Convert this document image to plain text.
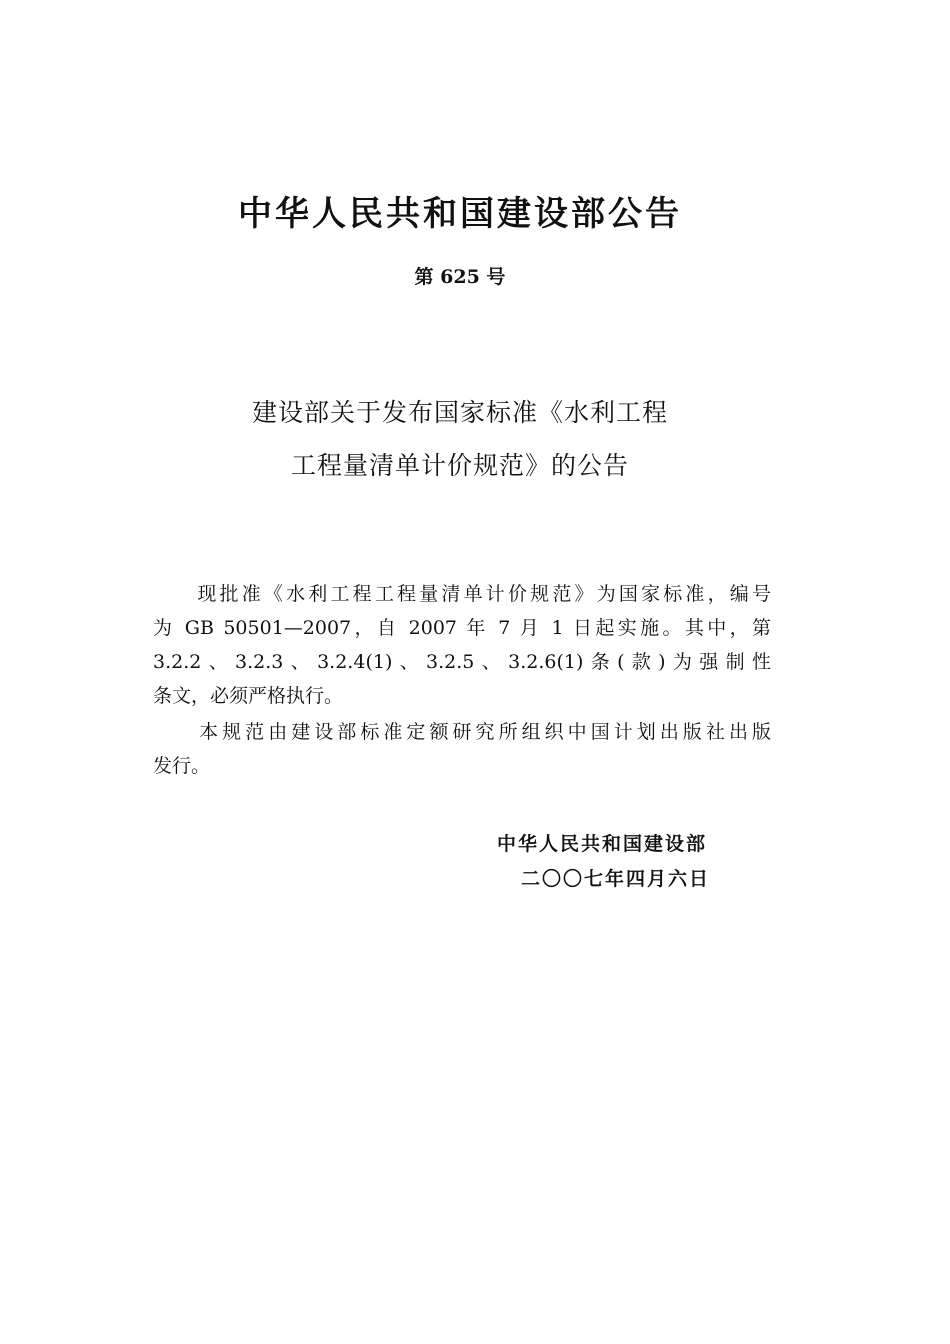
中华人民共和国建设部公告

第 625 号

建设部关于发布国家标准《水利工程

工程量清单计价规范》的公告

　　现批准《水利工程工程量清单计价规范》为国家标准，编号
为 GB 50501—2007，自 2007 年 7 月 1 日起实施。其中，第
3.2.2、3.2.3、3.2.4(1)、3.2.5、3.2.6(1)条(款)为强制性
条文，必须严格执行。
　　本规范由建设部标准定额研究所组织中国计划出版社出版
发行。

中华人民共和国建设部

二〇〇七年四月六日
